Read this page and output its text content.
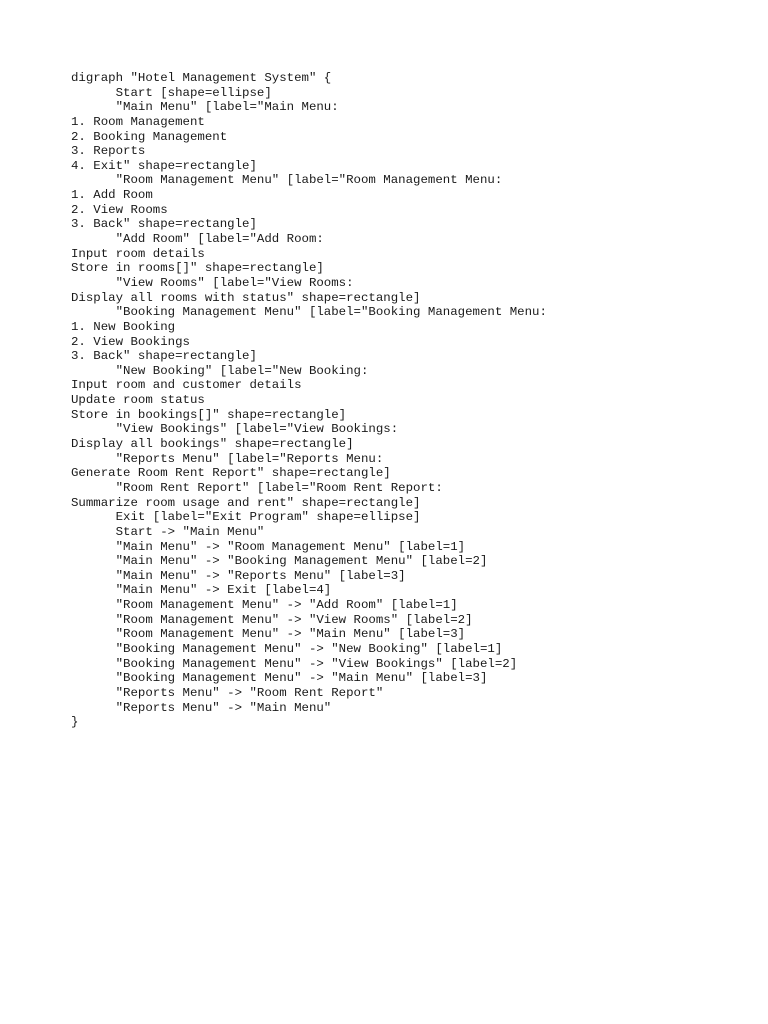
digraph "Hotel Management System" {
Start [shape=ellipse]
"Main Menu" [label="Main Menu:
1. Room Management
2. Booking Management
3. Reports
4. Exit" shape=rectangle]
"Room Management Menu" [label="Room Management Menu:
1. Add Room
2. View Rooms
3. Back" shape=rectangle]
"Add Room" [label="Add Room:
Input room details
Store in rooms[]" shape=rectangle]
"View Rooms" [label="View Rooms:
Display all rooms with status" shape=rectangle]
"Booking Management Menu" [label="Booking Management Menu:
1. New Booking
2. View Bookings
3. Back" shape=rectangle]
"New Booking" [label="New Booking:
Input room and customer details
Update room status
Store in bookings[]" shape=rectangle]
"View Bookings" [label="View Bookings:
Display all bookings" shape=rectangle]
"Reports Menu" [label="Reports Menu:
Generate Room Rent Report" shape=rectangle]
"Room Rent Report" [label="Room Rent Report:
Summarize room usage and rent" shape=rectangle]
Exit [label="Exit Program" shape=ellipse]
Start -> "Main Menu"
"Main Menu" -> "Room Management Menu" [label=1]
"Main Menu" -> "Booking Management Menu" [label=2]
"Main Menu" -> "Reports Menu" [label=3]
"Main Menu" -> Exit [label=4]
"Room Management Menu" -> "Add Room" [label=1]
"Room Management Menu" -> "View Rooms" [label=2]
"Room Management Menu" -> "Main Menu" [label=3]
"Booking Management Menu" -> "New Booking" [label=1]
"Booking Management Menu" -> "View Bookings" [label=2]
"Booking Management Menu" -> "Main Menu" [label=3]
"Reports Menu" -> "Room Rent Report"
"Reports Menu" -> "Main Menu"
}
